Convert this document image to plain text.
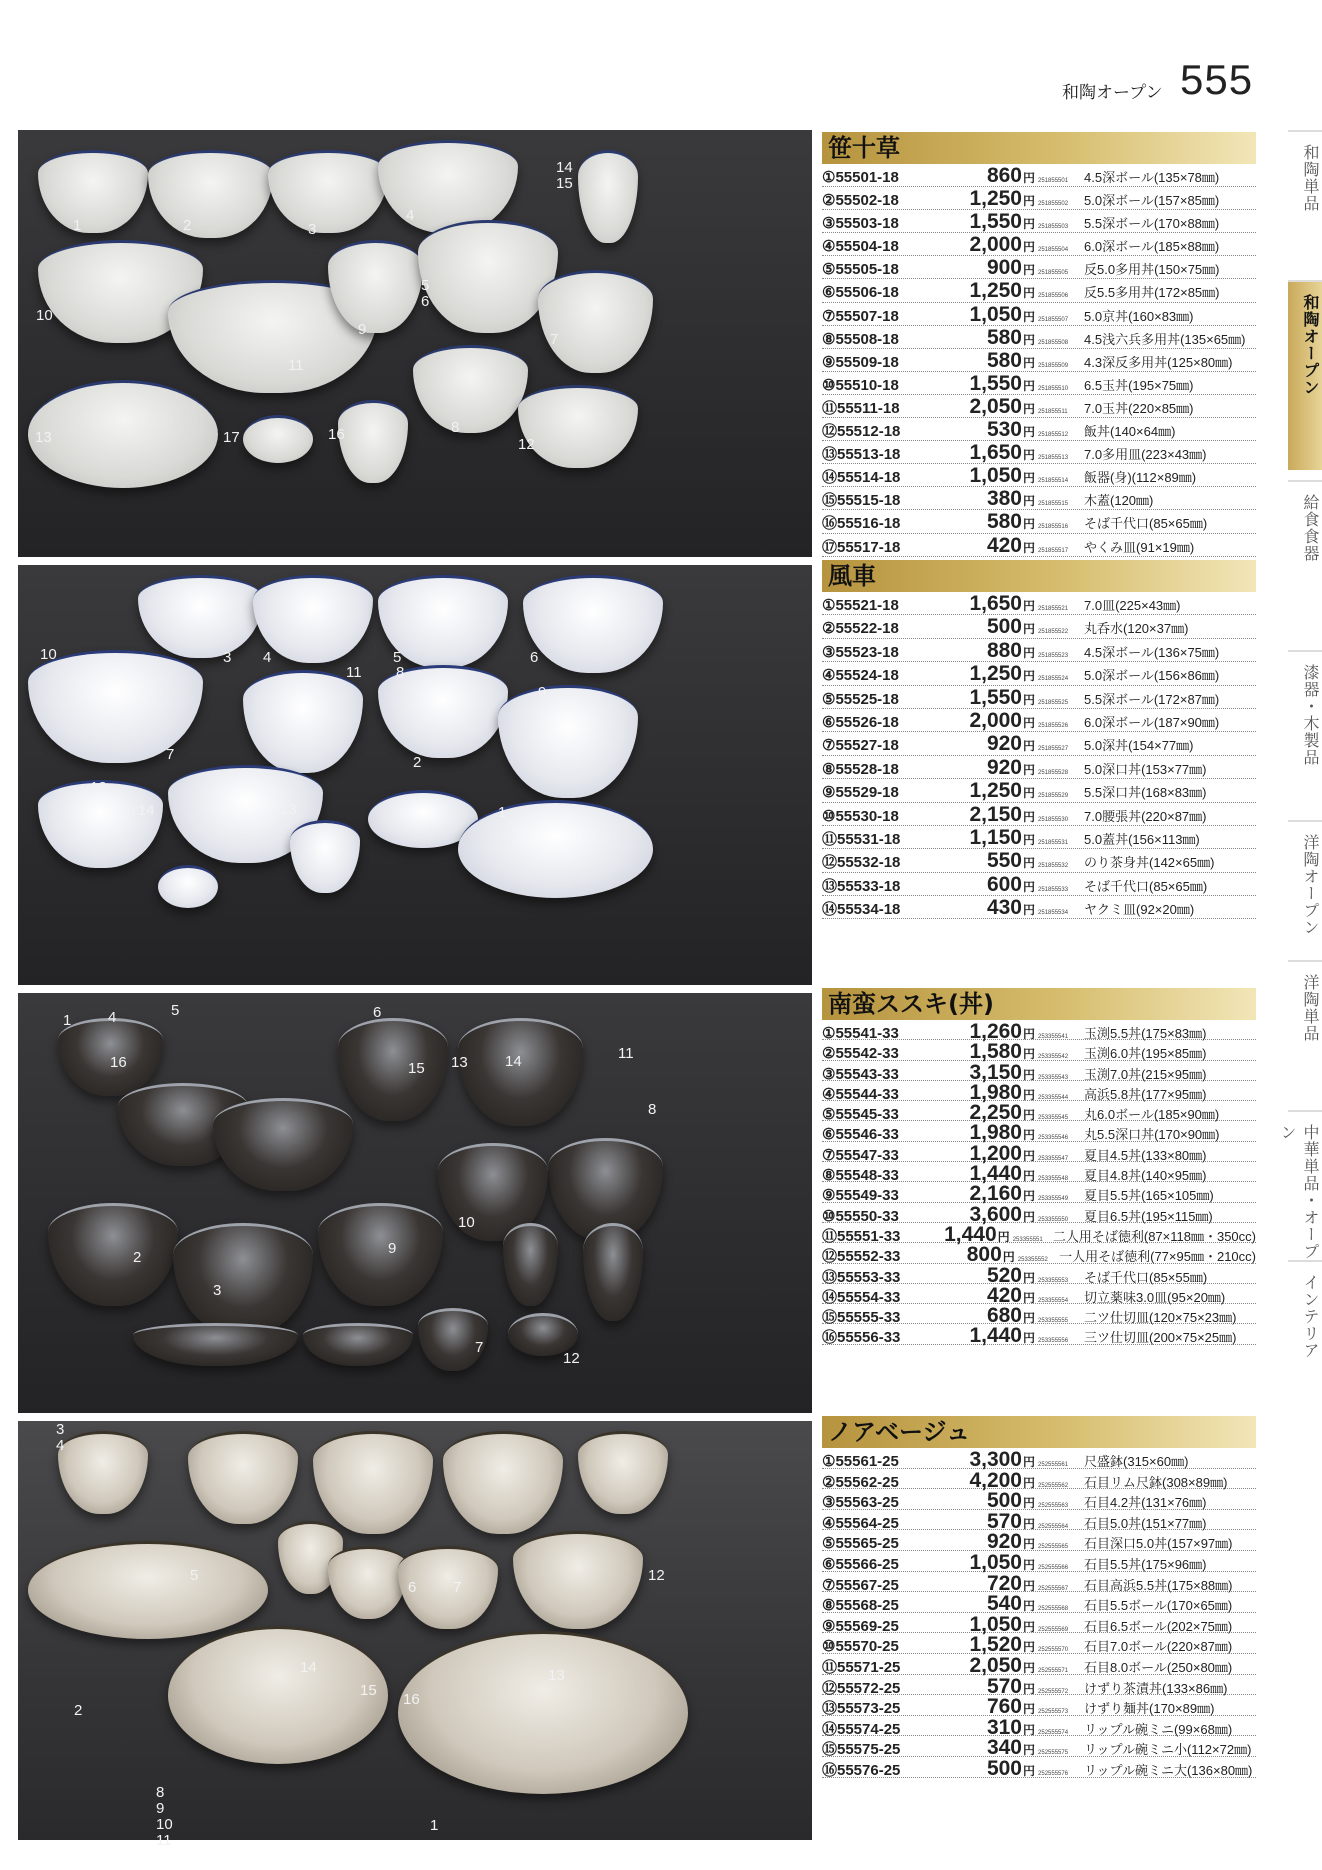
和陶オープン 555
1	2	3
4
14
15
10
9
5
6
11
7
13	17	16	8
12
3 4	5	6
10
11 8
9
7	2
12
14	13	1
1
2
3
9
10
8
7
12
4	5	6
11
16	15 13 14
3
4
5
6 7
12
14
15
16
13
2
8
9
10
11
1
笹十草
風車
南蛮ススキ(丼)
ノアベージュ
①55501-18	860 円 251855501	4.5深ボール(135×78㎜)
②55502-18	1,250 円 251855502	5.0深ボール(157×85㎜)
③55503-18	1,550 円 251855503	5.5深ボール(170×88㎜)
④55504-18	2,000 円 251855504	6.0深ボール(185×88㎜)
⑤55505-18	900 円 251855505	反5.0多用丼(150×75㎜)
⑥55506-18	1,250 円 251855506	反5.5多用丼(172×85㎜)
⑦55507-18	1,050 円 251855507	5.0京丼(160×83㎜)
⑧55508-18	580 円 251855508	4.5浅六兵多用丼(135×65㎜)
⑨55509-18	580 円 251855509	4.3深反多用丼(125×80㎜)
⑩55510-18	1,550 円 251855510	6.5玉丼(195×75㎜)
⑪55511-18	2,050 円 251855511	7.0玉丼(220×85㎜)
⑫55512-18	530 円 251855512	飯丼(140×64㎜)
⑬55513-18	1,650 円 251855513	7.0多用皿(223×43㎜)
⑭55514-18	1,050 円 251855514	飯器(身)(112×89㎜)
⑮55515-18	380 円 251855515	木蓋(120㎜)
⑯55516-18	580 円 251855516	そば千代口(85×65㎜)
⑰55517-18	420 円 251855517	やくみ皿(91×19㎜)
①55521-18	1,650 円 251855521	7.0皿(225×43㎜)
②55522-18	500 円 251855522	丸呑水(120×37㎜)
③55523-18	880 円 251855523	4.5深ボール(136×75㎜)
④55524-18	1,250 円 251855524	5.0深ボール(156×86㎜)
⑤55525-18	1,550 円 251855525	5.5深ボール(172×87㎜)
⑥55526-18	2,000 円 251855526	6.0深ボール(187×90㎜)
⑦55527-18	920 円 251855527	5.0深丼(154×77㎜)
⑧55528-18	920 円 251855528	5.0深口丼(153×77㎜)
⑨55529-18	1,250 円 251855529	5.5深口丼(168×83㎜)
⑩55530-18	2,150 円 251855530	7.0腰張丼(220×87㎜)
⑪55531-18	1,150 円 251855531	5.0蓋丼(156×113㎜)
⑫55532-18	550 円 251855532	のり茶身丼(142×65㎜)
⑬55533-18	600 円 251855533	そば千代口(85×65㎜)
⑭55534-18	430 円 251855534	ヤクミ皿(92×20㎜)
①55541-33	1,260 円 253355541	玉渕5.5丼(175×83㎜)
②55542-33	1,580 円 253355542	玉渕6.0丼(195×85㎜)
③55543-33	3,150 円 253355543	玉渕7.0丼(215×95㎜)
④55544-33	1,980 円 253355544	高浜5.8丼(177×95㎜)
⑤55545-33	2,250 円 253355545	丸6.0ボール(185×90㎜)
⑥55546-33	1,980 円 253355546	丸5.5深口丼(170×90㎜)
⑦55547-33	1,200 円 253355547	夏目4.5丼(133×80㎜)
⑧55548-33	1,440 円 253355548	夏目4.8丼(140×95㎜)
⑨55549-33	2,160 円 253355549	夏目5.5丼(165×105㎜)
⑩55550-33	3,600 円 253355550	夏目6.5丼(195×115㎜)
⑪55551-33	1,440 円 253355551 二人用そば徳利(87×118㎜・350cc)
⑫55552-33	800 円 253355552 一人用そば徳利(77×95㎜・210cc)
⑬55553-33	520 円 253355553	そば千代口(85×55㎜)
⑭55554-33	420 円 253355554	切立薬味3.0皿(95×20㎜)
⑮55555-33	680 円 253355555	二ツ仕切皿(120×75×23㎜)
⑯55556-33	1,440 円 253355556	三ツ仕切皿(200×75×25㎜)
①55561-25	3,300 円 252555561	尺盛鉢(315×60㎜)
②55562-25	4,200 円 252555562	石目リム尺鉢(308×89㎜)
③55563-25	500 円 252555563	石目4.2丼(131×76㎜)
④55564-25	570 円 252555564	石目5.0丼(151×77㎜)
⑤55565-25	920 円 252555565	石目深口5.0丼(157×97㎜)
⑥55566-25	1,050 円 252555566	石目5.5丼(175×96㎜)
⑦55567-25	720 円 252555567	石目高浜5.5丼(175×88㎜)
⑧55568-25	540 円 252555568	石目5.5ボール(170×65㎜)
⑨55569-25	1,050 円 252555569	石目6.5ボール(202×75㎜)
⑩55570-25	1,520 円 252555570	石目7.0ボール(220×87㎜)
⑪55571-25	2,050 円 252555571	石目8.0ボール(250×80㎜)
⑫55572-25	570 円 252555572	けずり茶漬丼(133×86㎜)
⑬55573-25	760 円 252555573	けずり麺丼(170×89㎜)
⑭55574-25	310 円 252555574	リップル碗ミニ(99×68㎜)
⑮55575-25	340 円 252555575	リップル碗ミニ小(112×72㎜)
⑯55576-25	500 円 252555576	リップル碗ミニ大(136×80㎜)
和陶単品
和陶オープン
給食食器
漆器・木製品
洋陶オープン
洋陶単品
中華単品・オープン
インテリア
